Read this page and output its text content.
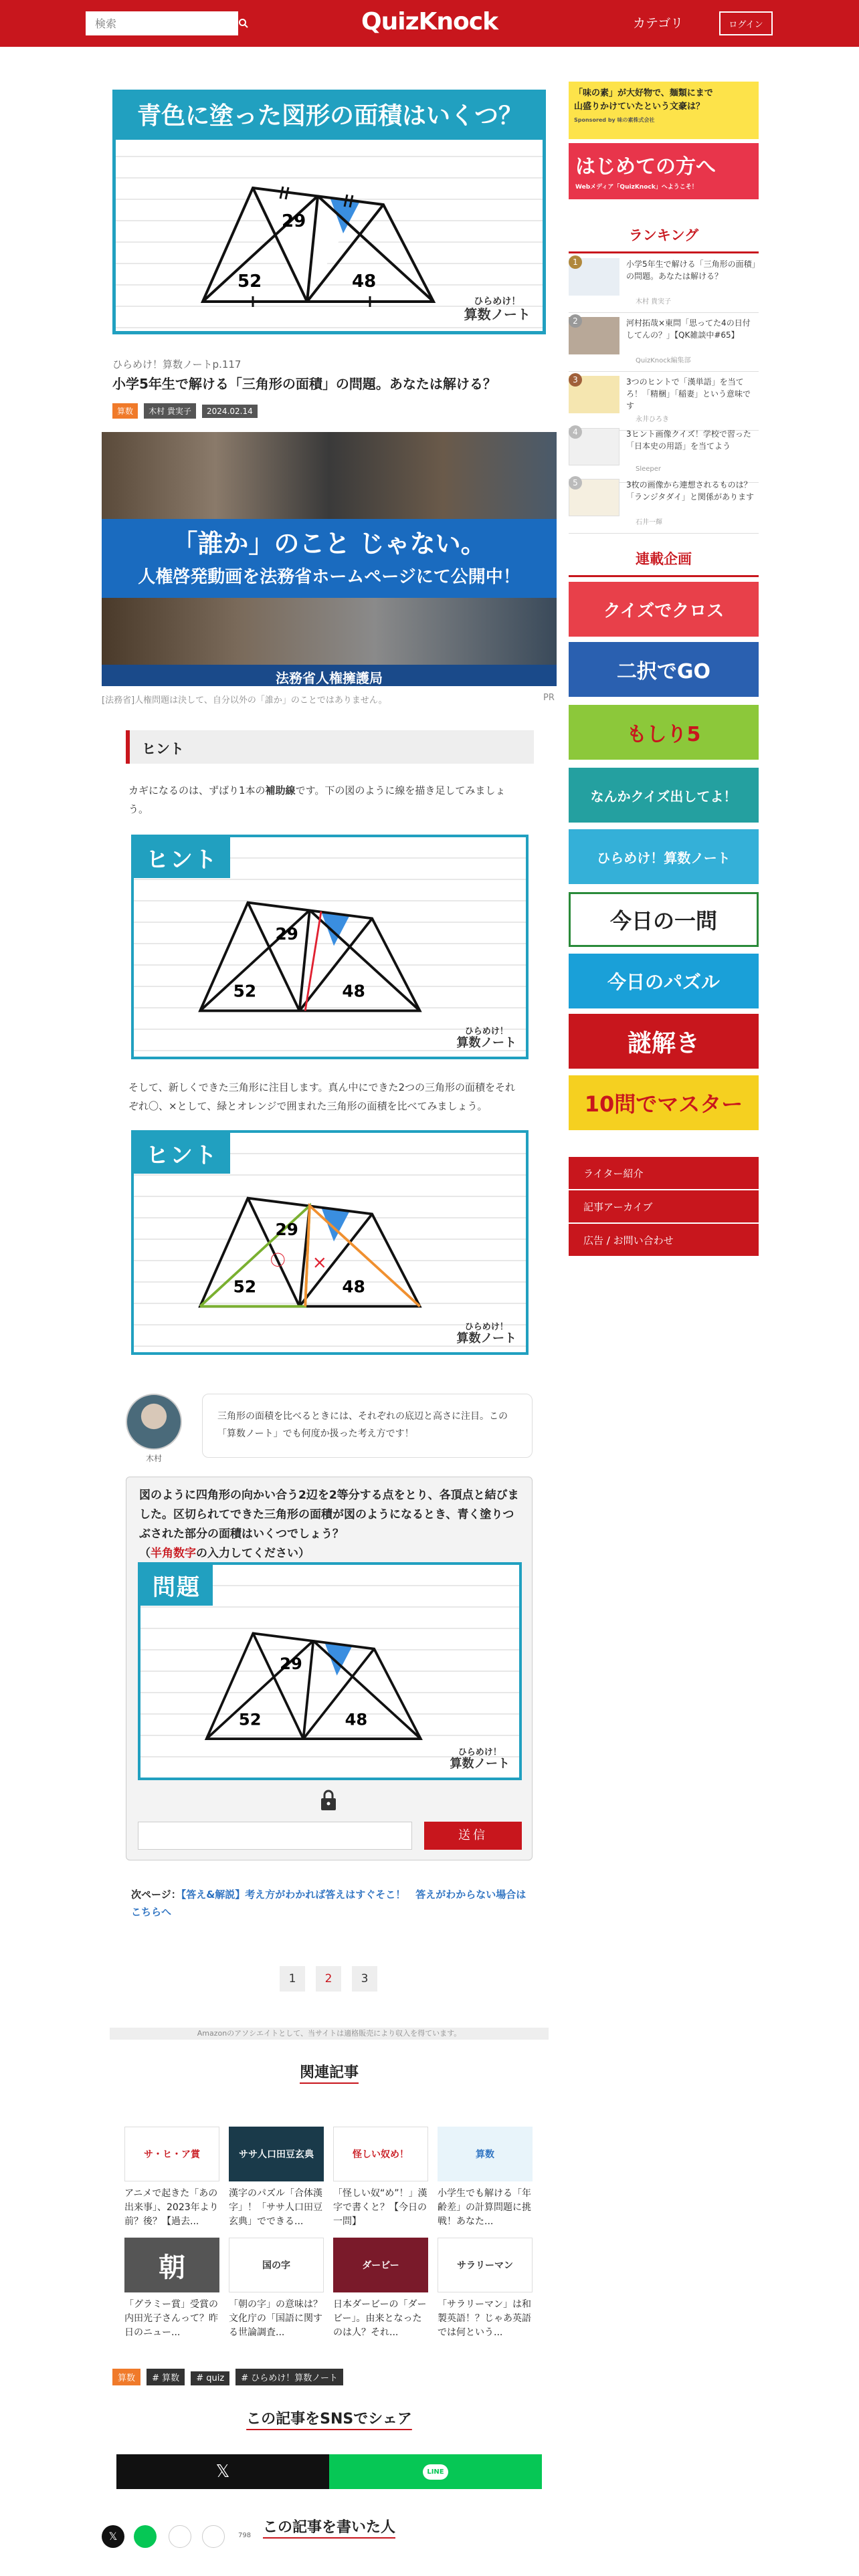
検索
QuizKnock	カテゴリ	ログイン
青色に塗った図形の面積はいくつ？
29
52	48
ひらめけ！
算数ノート
ひらめけ！算数ノートp.117
小学5年生で解ける「三角形の面積」の問題。あなたは解ける？
算数 木村 貴実子 2024.02.14
「誰か」のこと じゃない。
人権啓発動画を法務省ホームページにて公開中！
法務省人権擁護局
[法務省]人権問題は決して、自分以外の「誰か」のことではありません。	PR
ヒント
カギになるのは、ずばり1本の補助線です。下の図のように線を描き足してみましょう。
ヒント
29
52	48
ひらめけ！
算数ノート
そして、新しくできた三角形に注目します。真ん中にできた2つの三角形の面積をそれぞれ〇、×として、緑とオレンジで囲まれた三角形の面積を比べてみましょう。
ヒント
〇 ×
29
52	48
ひらめけ！
算数ノート
木村
三角形の面積を比べるときには、それぞれの底辺と高さに注目。この「算数ノート」でも何度か扱った考え方です！
図のように四角形の向かい合う2辺を2等分する点をとり、各頂点と結びました。区切られてできた三角形の面積が図のようになるとき、青く塗りつぶされた部分の面積はいくつでしょう？
（半角数字の入力してください）
問題
29
52	48
ひらめけ！
算数ノート
送信
次ページ：【答え&解説】考え方がわかれば答えはすぐそこ！　答えがわからない場合はこちらへ
1	2	3
Amazonのアソシエイトとして、当サイトは適格販売により収入を得ています。
関連記事
サ・ヒ・ア賞
アニメで起きた「あの出来事」、2023年より前？後？【過去...
ササ人口田豆玄典
漢字のパズル「合体漢字」！「ササ人口田豆玄典」でできる...
怪しい奴め！
「怪しい奴“め”！」漢字で書くと？【今日の一問】
算数
小学生でも解ける「年齢差」の計算問題に挑戦！あなた...
朝
「グラミー賞」受賞の内田光子さんって？昨日のニュー...
国の字
「朝の字」の意味は？文化庁の「国語に関する世論調査...
ダービー
日本ダービーの「ダービー」。由来となったのは人？それ...
サラリーマン
「サラリーマン」は和製英語！？じゃあ英語では何という...
算数 # 算数 # quiz # ひらめけ！算数ノート
この記事をSNSでシェア
𝕏	LINE
𝕏	798 この記事を書いた人
「味の素」が大好物で、麺類にまで山盛りかけていたという文豪は？
Sponsored by 味の素株式会社
はじめての方へ
Webメディア「QuizKnock」へようこそ！
ランキング
1	小学5年生で解ける「三角形の面積」の問題。あなたは解ける？
木村 貴実子
2	河村拓哉×東問「思ってた4の日付してんの？」【QK雑談中#65】
QuizKnock編集部
3	3つのヒントで「漢単語」を当てろ！「精梱」「稲妻」という意味です
永井ひろき
4	3ヒント画像クイズ！学校で習った「日本史の用語」を当てよう
Sleeper
5	3枚の画像から連想されるものは？「ランジタダイ」と関係があります
石井一輝
連載企画
クイズでクロス
二択でGO
もしり5
なんかクイズ出してよ！
ひらめけ！算数ノート
今日の一問
今日のパズル
謎解き
10問でマスター
ライター紹介
記事アーカイブ
広告 / お問い合わせ
